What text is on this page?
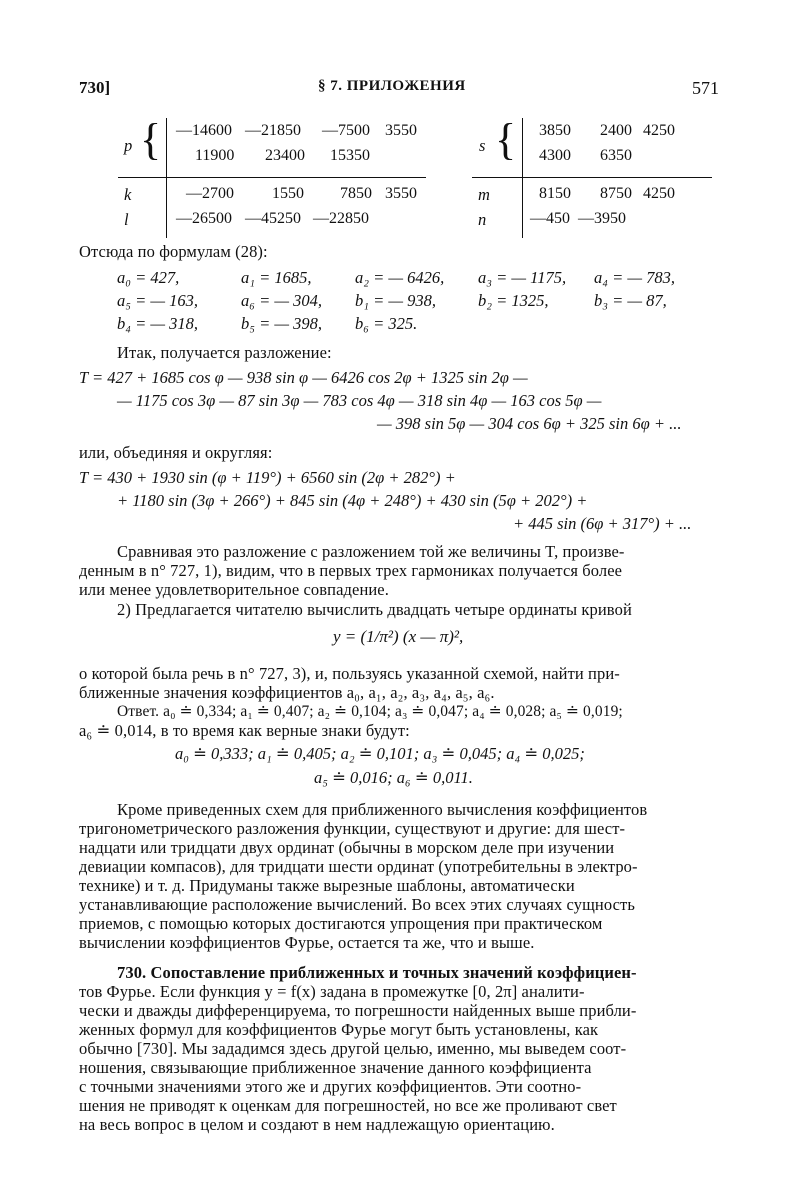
730]	§ 7. ПРИЛОЖЕНИЯ	571
p { —14600 —21850 —7500 3550
11900 23400 15350
k	—2700 1550 7850 3550
l	—26500 —45250 —22850
s { 3850 2400 4250
4300 6350
m	8150 8750 4250
n	—450 —3950
Отсюда по формулам (28):
a₀ = 427,	a₁ = 1685,	a₂ = — 6426, a₃ = — 1175, a₄ = — 783,
a₅ = — 163,	a₆ = — 304, b₁ = — 938,	b₂ = 1325,	b₃ = — 87,
b₄ = — 318,	b₅ = — 398, b₆ = 325.
Итак, получается разложение:
T = 427 + 1685 cos φ — 938 sin φ — 6426 cos 2φ + 1325 sin 2φ —
— 1175 cos 3φ — 87 sin 3φ — 783 cos 4φ — 318 sin 4φ — 163 cos 5φ —
— 398 sin 5φ — 304 cos 6φ + 325 sin 6φ + ...
или, объединяя и округляя:
T = 430 + 1930 sin (φ + 119°) + 6560 sin (2φ + 282°) +
+ 1180 sin (3φ + 266°) + 845 sin (4φ + 248°) + 430 sin (5φ + 202°) +
+ 445 sin (6φ + 317°) + ...
Сравнивая это разложение с разложением той же величины T, произве-
денным в n° 727, 1), видим, что в первых трех гармониках получается более
или менее удовлетворительное совпадение.
2) Предлагается читателю вычислить двадцать четыре ординаты кривой
y = (1/π²) (x — π)²,
о которой была речь в n° 727, 3), и, пользуясь указанной схемой, найти при-
ближенные значения коэффициентов a₀, a₁, a₂, a₃, a₄, a₅, a₆.
Ответ. a₀ ≐ 0,334; a₁ ≐ 0,407; a₂ ≐ 0,104; a₃ ≐ 0,047; a₄ ≐ 0,028; a₅ ≐ 0,019;
a₆ ≐ 0,014, в то время как верные знаки будут:
a₀ ≐ 0,333; a₁ ≐ 0,405; a₂ ≐ 0,101; a₃ ≐ 0,045; a₄ ≐ 0,025;
a₅ ≐ 0,016; a₆ ≐ 0,011.
Кроме приведенных схем для приближенного вычисления коэффициентов
тригонометрического разложения функции, существуют и другие: для шест-
надцати или тридцати двух ординат (обычны в морском деле при изучении
девиации компасов), для тридцати шести ординат (употребительны в электро-
технике) и т. д. Придуманы также вырезные шаблоны, автоматически
устанавливающие расположение вычислений. Во всех этих случаях сущность
приемов, с помощью которых достигаются упрощения при практическом
вычислении коэффициентов Фурье, остается та же, что и выше.
730. Сопоставление приближенных и точных значений коэффициен-
тов Фурье. Если функция y = f(x) задана в промежутке [0, 2π] аналити-
чески и дважды дифференцируема, то погрешности найденных выше прибли-
женных формул для коэффициентов Фурье могут быть установлены, как
обычно [730]. Мы зададимся здесь другой целью, именно, мы выведем соот-
ношения, связывающие приближенное значение данного коэффициента
с точными значениями этого же и других коэффициентов. Эти соотно-
шения не приводят к оценкам для погрешностей, но все же проливают свет
на весь вопрос в целом и создают в нем надлежащую ориентацию.
